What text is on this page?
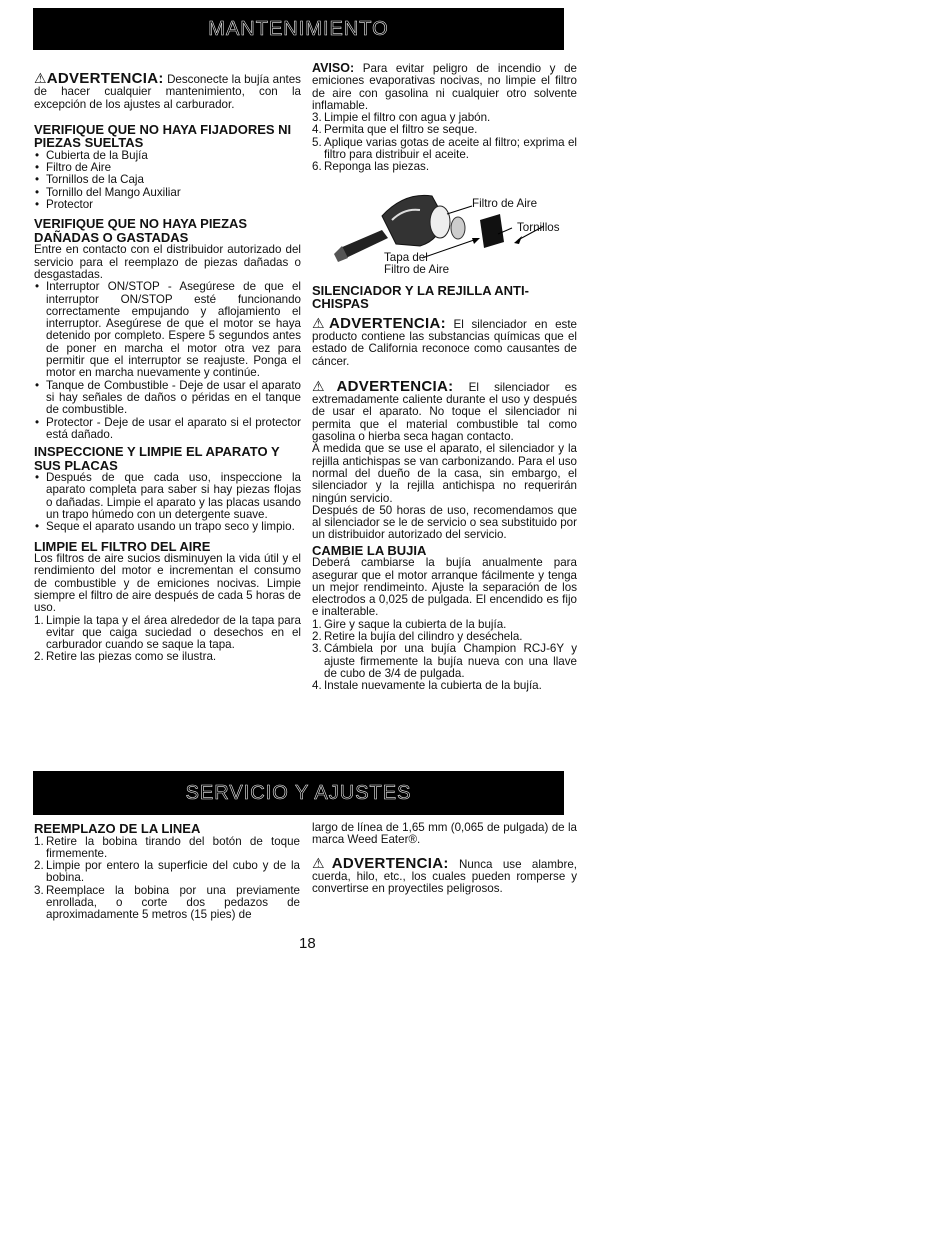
MANTENIMIENTO
⚠ADVERTENCIA: Desconecte la bujía antes de hacer cualquier mantenimiento, con la excepción de los ajustes al carburador.
VERIFIQUE QUE NO HAYA FIJADORES NI PIEZAS SUELTAS
• Cubierta de la Bujía
• Filtro de Aire
• Tornillos de la Caja
• Tornillo del Mango Auxiliar
• Protector
VERIFIQUE QUE NO HAYA PIEZAS DAÑADAS O GASTADAS

Entre en contacto con el distribuidor autorizado del servicio para el reemplazo de piezas dañadas o desgastadas.

• Interruptor ON/STOP - Asegúrese de que el interruptor ON/STOP esté funcionando correctamente empujando y aflojamiento el interruptor. Asegúrese de que el motor se haya detenido por completo. Espere 5 segundos antes de poner en marcha el motor otra vez para permitir que el interruptor se reajuste. Ponga el motor en marcha nuevamente y continúe.
• Tanque de Combustible - Deje de usar el aparato si hay señales de daños o péridas en el tanque de combustible.
• Protector - Deje de usar el aparato si el protector está dañado.
INSPECCIONE Y LIMPIE EL APARATO Y SUS PLACAS
• Después de que cada uso, inspeccione la aparato completa para saber si hay piezas flojas o dañadas. Limpie el aparato y las placas usando un trapo húmedo con un detergente suave.
• Seque el aparato usando un trapo seco y limpio.
LIMPIE EL FILTRO DEL AIRE

Los filtros de aire sucios disminuyen la vida útil y el rendimiento del motor e incrementan el consumo de combustible y de emiciones nocivas. Limpie siempre el filtro de aire después de cada 5 horas de uso.

1. Limpie la tapa y el área alrededor de la tapa para evitar que caiga suciedad o desechos en el carburador cuando se saque la tapa.
2. Retire las piezas como se ilustra.

AVISO: Para evitar peligro de incendio y de emiciones evaporativas nocivas, no limpie el filtro de aire con gasolina ni cualquier otro solvente inflamable.

3. Limpie el filtro con agua y jabón.
4. Permita que el filtro se seque.
5. Aplique varias gotas de aceite al filtro; exprima el filtro para distribuir el aceite.
6. Reponga las piezas.
Filtro de Aire
Tornillos
Tapa del
Filtro de Aire
SILENCIADOR Y LA REJILLA ANTI-CHISPAS
⚠ADVERTENCIA: El silenciador en este producto contiene las substancias químicas que el estado de California reconoce como causantes de cáncer.
⚠ADVERTENCIA: El silenciador es extremadamente caliente durante el uso y después de usar el aparato. No toque el silenciador ni permita que el material combustible tal como gasolina o hierba seca hagan contacto.

A medida que se use el aparato, el silenciador y la rejilla antichispas se van carbonizando. Para el uso normal del dueño de la casa, sin embargo, el silenciador y la rejilla antichispa no requerirán ningún servicio.

Después de 50 horas de uso, recomendamos que al silenciador se le de servicio o sea substituido por un distribuidor autorizado del servicio.

CAMBIE LA BUJIA

Deberá cambiarse la bujía anualmente para asegurar que el motor arranque fácilmente y tenga un mejor rendimeinto. Ajuste la separación de los electrodos a 0,025 de pulgada. El encendido es fijo e inalterable.

1. Gire y saque la cubierta de la bujía.
2. Retire la bujía del cilindro y deséchela.
3. Cámbiela por una bujía Champion RCJ-6Y y ajuste firmemente la bujía nueva con una llave de cubo de 3/4 de pulgada.
4. Instale nuevamente la cubierta de la bujía.
SERVICIO Y AJUSTES
REEMPLAZO DE LA LINEA
1. Retire la bobina tirando del botón de toque firmemente.
2. Limpie por entero la superficie del cubo y de la bobina.
3. Reemplace la bobina por una previamente enrollada, o corte dos pedazos de aproximadamente 5 metros (15 pies) de

largo de línea de 1,65 mm (0,065 de pulgada) de la marca Weed Eater®.

⚠ADVERTENCIA: Nunca use alambre, cuerda, hilo, etc., los cuales pueden romperse y convertirse en proyectiles peligrosos.
18
